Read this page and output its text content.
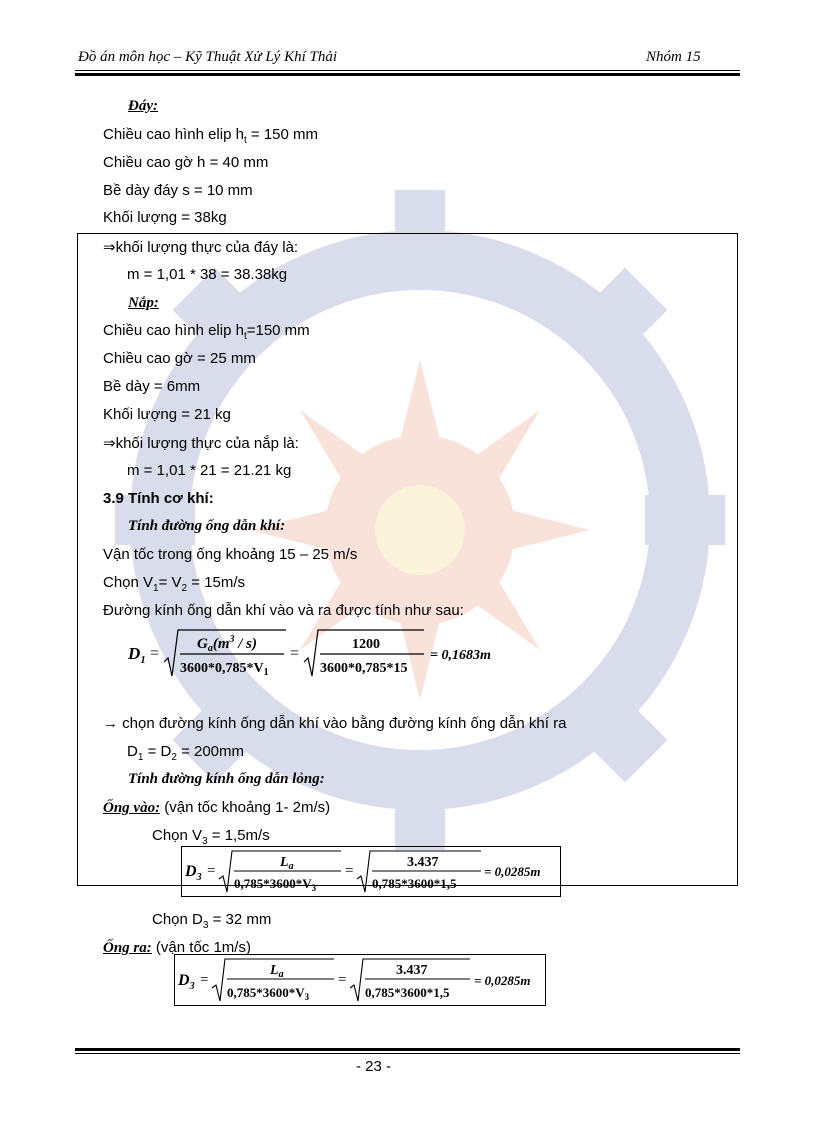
Đồ án môn học – Kỹ Thuật Xử Lý Khí Thải	Nhóm 15
Đáy:
Chiều cao hình elip $h_t = 150$ mm
Chiều cao gờ h = 40 mm
Bề dày đáy s = 10 mm
Khối lượng = 38kg
⇒khối lượng thực của đáy là:
m = 1,01 * 38 = 38.38kg
Nắp:
Chiều cao hình elip $h_t=150$ mm
Chiều cao gờ = 25 mm
Bề dày = 6mm
Khối lượng = 21 kg
⇒khối lượng thực của nắp là:
m = 1,01 * 21 = 21.21 kg
3.9 Tính cơ khí:
Tính đường ống dẫn khí:
Vận tốc trong ống khoảng 15 – 25 m/s
Chọn $V_1= V_2 = 15m/s$
Đường kính ống dẫn khí vào và ra được tính như sau:
$D_1$ =
$G_a(m^3 / s)$
$3600*0,785*V_1$
=
1200
3600*0,785*15
= 0,1683m
→ chọn đường kính ống dẫn khí vào bằng đường kính ống dẫn khí ra
$D_1 = D_2 = 200mm$
Tính đường kính ống dẫn lỏng:
Ống vào: (vận tốc khoảng 1- 2m/s)
Chọn $V_3 = 1,5m/s$
$D_3$ =
$L_a$
$0,785*3600*V_3$
=
3.437
0,785*3600*1,5
= 0,0285m
Chọn $D_3 = 32$ mm
Ống ra: (vận tốc 1m/s)
$D_3$ =
$L_a$
$0,785*3600*V_3$
=
3.437
0,785*3600*1,5
= 0,0285m
- 23 -
